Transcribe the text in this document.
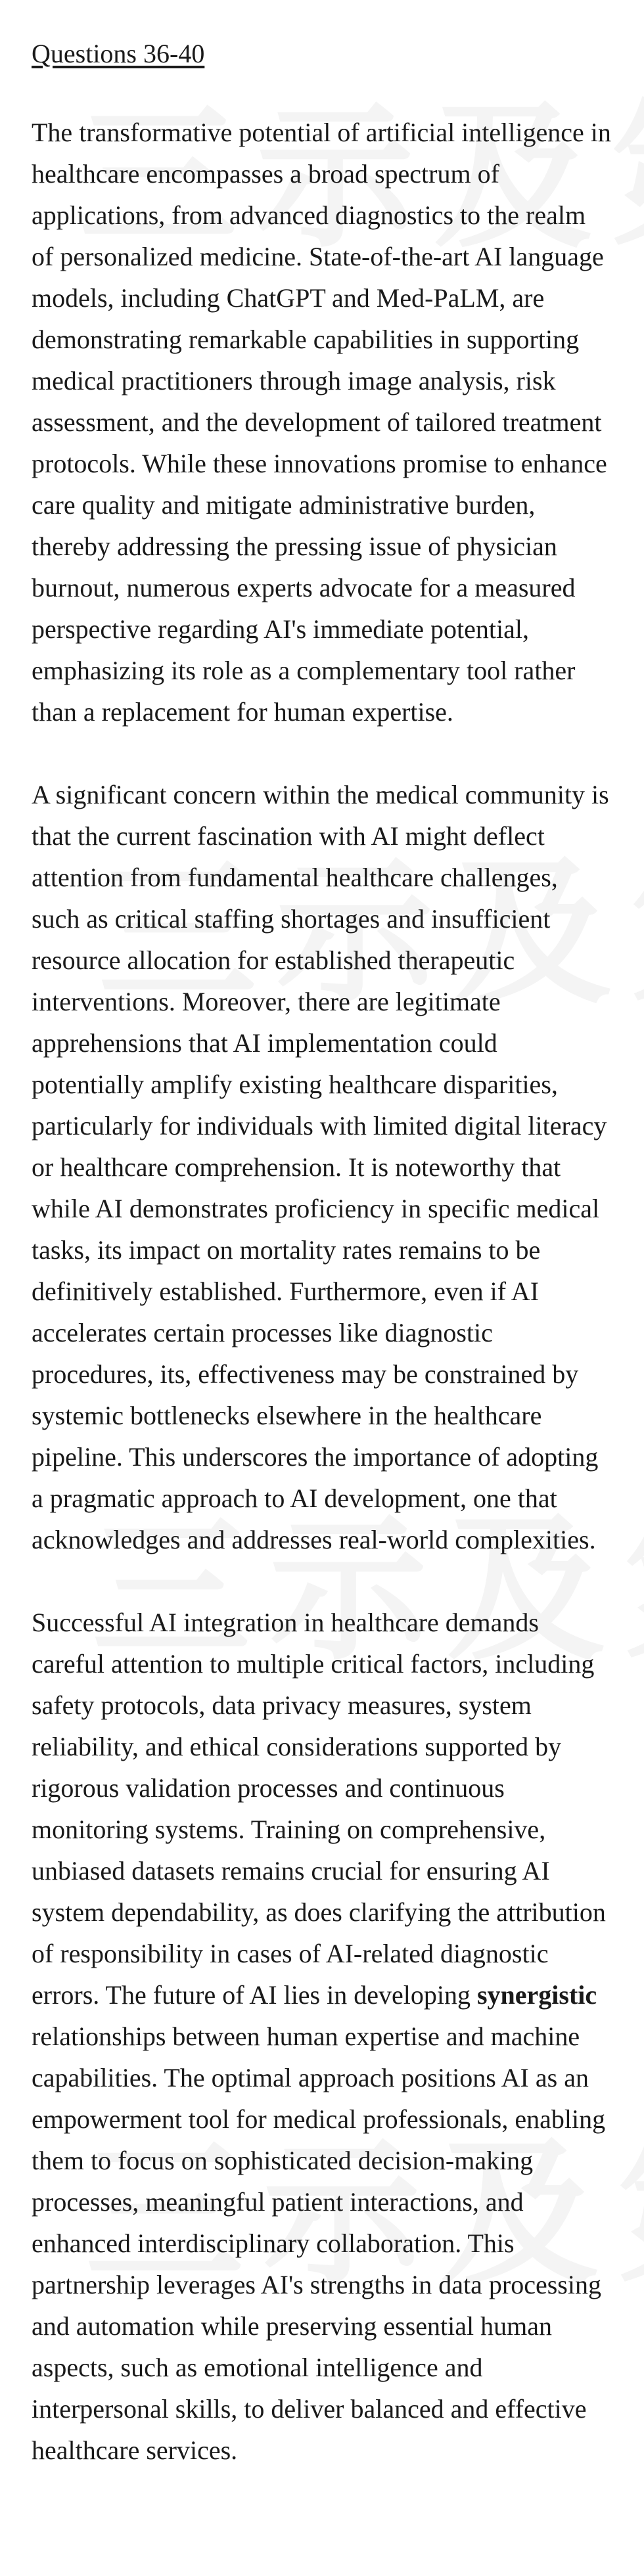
Questions 36-40

The transformative potential of artificial intelligence in healthcare encompasses a broad spectrum of applications, from advanced diagnostics to the realm of personalized medicine. State-of-the-art AI language models, including ChatGPT and Med-PaLM, are demonstrating remarkable capabilities in supporting medical practitioners through image analysis, risk assessment, and the development of tailored treatment protocols. While these innovations promise to enhance care quality and mitigate administrative burden, thereby addressing the pressing issue of physician burnout, numerous experts advocate for a measured perspective regarding AI's immediate potential, emphasizing its role as a complementary tool rather than a replacement for human expertise.

A significant concern within the medical community is that the current fascination with AI might deflect attention from fundamental healthcare challenges, such as critical staffing shortages and insufficient resource allocation for established therapeutic interventions. Moreover, there are legitimate apprehensions that AI implementation could potentially amplify existing healthcare disparities, particularly for individuals with limited digital literacy or healthcare comprehension. It is noteworthy that while AI demonstrates proficiency in specific medical tasks, its impact on mortality rates remains to be definitively established. Furthermore, even if AI accelerates certain processes like diagnostic procedures, its, effectiveness may be constrained by systemic bottlenecks elsewhere in the healthcare pipeline. This underscores the importance of adopting a pragmatic approach to AI development, one that acknowledges and addresses real-world complexities.

Successful AI integration in healthcare demands careful attention to multiple critical factors, including safety protocols, data privacy measures, system reliability, and ethical considerations supported by rigorous validation processes and continuous monitoring systems. Training on comprehensive, unbiased datasets remains crucial for ensuring AI system dependability, as does clarifying the attribution of responsibility in cases of AI-related diagnostic errors. The future of AI lies in developing synergistic relationships between human expertise and machine capabilities. The optimal approach positions AI as an empowerment tool for medical professionals, enabling them to focus on sophisticated decision-making processes, meaningful patient interactions, and enhanced interdisciplinary collaboration. This partnership leverages AI's strengths in data processing and automation while preserving essential human aspects, such as emotional intelligence and interpersonal skills, to deliver balanced and effective healthcare services.
